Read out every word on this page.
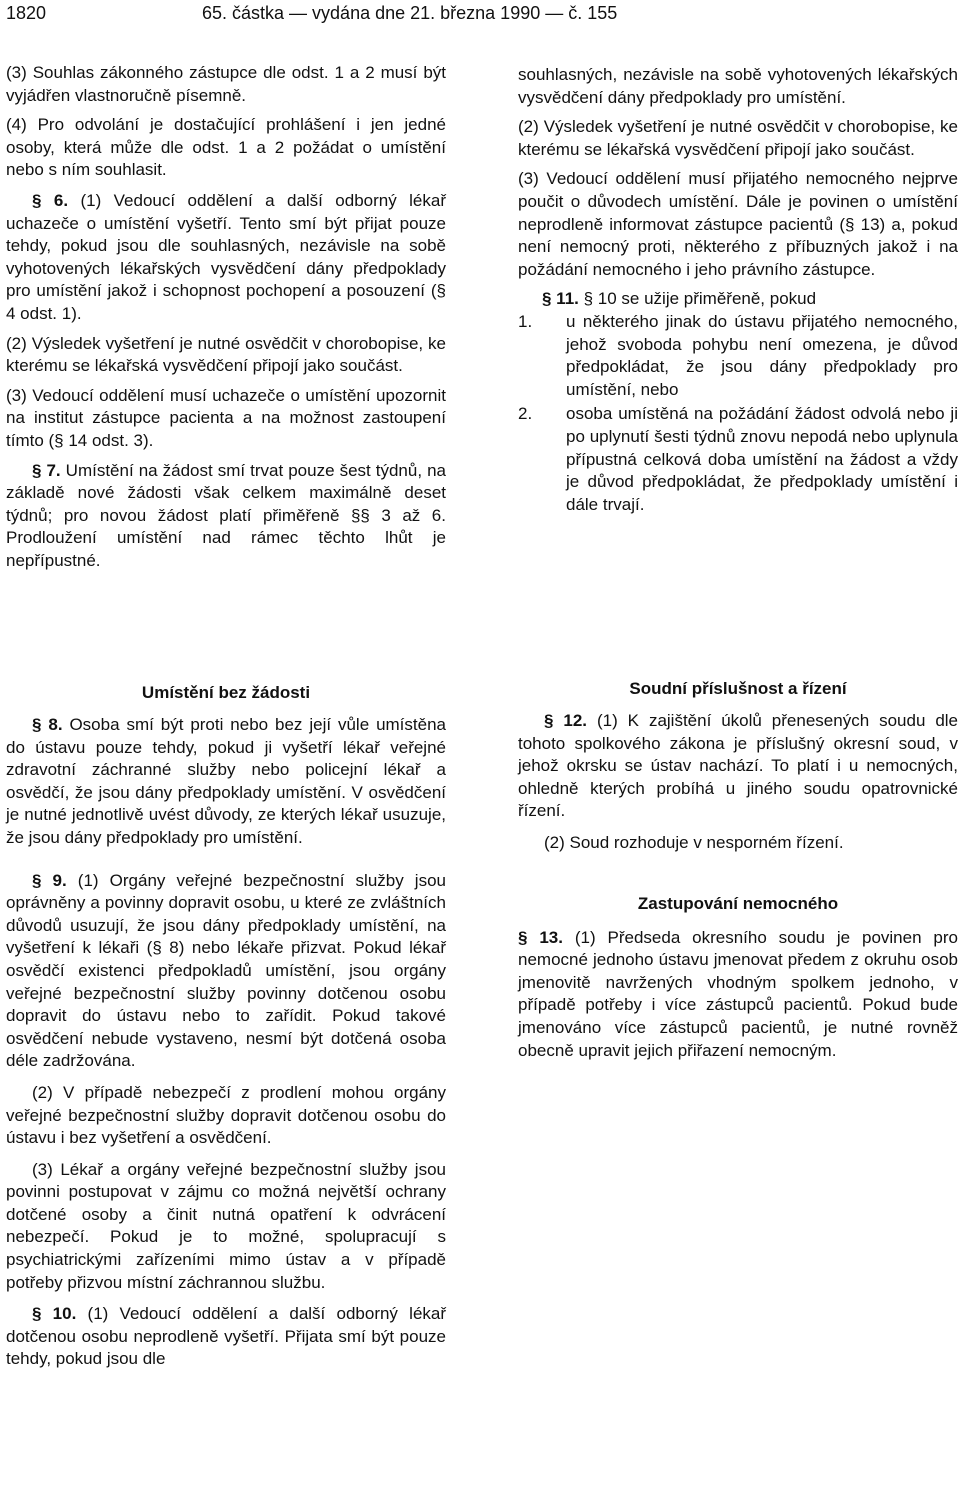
1820	65. částka — vydána dne 21. března 1990 — č. 155

(3) Souhlas zákonného zástupce dle odst. 1 a 2 musí být vyjádřen vlastnoručně písemně.

(4) Pro odvolání je dostačující prohlášení i jen jedné osoby, která může dle odst. 1 a 2 požádat o umístění nebo s ním souhlasit.

§ 6. (1) Vedoucí oddělení a další odborný lékař uchazeče o umístění vyšetří. Tento smí být přijat pouze tehdy, pokud jsou dle souhlasných, nezávisle na sobě vyhotovených lékařských vysvědčení dány předpoklady pro umístění jakož i schopnost pochopení a posouzení (§ 4 odst. 1).

(2) Výsledek vyšetření je nutné osvědčit v chorobopise, ke kterému se lékařská vysvědčení připojí jako součást.

(3) Vedoucí oddělení musí uchazeče o umístění upozornit na institut zástupce pacienta a na možnost zastoupení tímto (§ 14 odst. 3).

§ 7. Umístění na žádost smí trvat pouze šest týdnů, na základě nové žádosti však celkem maximálně deset týdnů; pro novou žádost platí přiměřeně §§ 3 až 6. Prodloužení umístění nad rámec těchto lhůt je nepřípustné.

souhlasných, nezávisle na sobě vyhotovených lékařských vysvědčení dány předpoklady pro umístění.

(2) Výsledek vyšetření je nutné osvědčit v chorobopise, ke kterému se lékařská vysvědčení připojí jako součást.

(3) Vedoucí oddělení musí přijatého nemocného nejprve poučit o důvodech umístění. Dále je povinen o umístění neprodleně informovat zástupce pacientů (§ 13) a, pokud není nemocný proti, některého z příbuzných jakož i na požádání nemocného i jeho právního zástupce.

§ 11. § 10 se užije přiměřeně, pokud

1. u některého jinak do ústavu přijatého nemocného, jehož svoboda pohybu není omezena, je důvod předpokládat, že jsou dány předpoklady pro umístění, nebo
2. osoba umístěná na požádání žádost odvolá nebo ji po uplynutí šesti týdnů znovu nepodá nebo uplynula přípustná celková doba umístění na žádost a vždy je důvod předpokládat, že předpoklady umístění i dále trvají.

Umístění bez žádosti

§ 8. Osoba smí být proti nebo bez její vůle umístěna do ústavu pouze tehdy, pokud ji vyšetří lékař veřejné zdravotní záchranné služby nebo policejní lékař a osvědčí, že jsou dány předpoklady umístění. V osvědčení je nutné jednotlivě uvést důvody, ze kterých lékař usuzuje, že jsou dány předpoklady pro umístění.

§ 9. (1) Orgány veřejné bezpečnostní služby jsou oprávněny a povinny dopravit osobu, u které ze zvláštních důvodů usuzují, že jsou dány předpoklady umístění, na vyšetření k lékaři (§ 8) nebo lékaře přizvat. Pokud lékař osvědčí existenci předpokladů umístění, jsou orgány veřejné bezpečnostní služby povinny dotčenou osobu dopravit do ústavu nebo to zařídit. Pokud takové osvědčení nebude vystaveno, nesmí být dotčená osoba déle zadržována.

(2) V případě nebezpečí z prodlení mohou orgány veřejné bezpečnostní služby dopravit dotčenou osobu do ústavu i bez vyšetření a osvědčení.

(3) Lékař a orgány veřejné bezpečnostní služby jsou povinni postupovat v zájmu co možná největší ochrany dotčené osoby a činit nutná opatření k odvrácení nebezpečí. Pokud je to možné, spolupracují s psychiatrickými zařízeními mimo ústav a v případě potřeby přizvou místní záchrannou službu.

§ 10. (1) Vedoucí oddělení a další odborný lékař dotčenou osobu neprodleně vyšetří. Přijata smí být pouze tehdy, pokud jsou dle

Soudní příslušnost a řízení

§ 12. (1) K zajištění úkolů přenesených soudu dle tohoto spolkového zákona je příslušný okresní soud, v jehož okrsku se ústav nachází. To platí i u nemocných, ohledně kterých probíhá u jiného soudu opatrovnické řízení.

(2) Soud rozhoduje v nesporném řízení.

Zastupování nemocného

§ 13. (1) Předseda okresního soudu je povinen pro nemocné jednoho ústavu jmenovat předem z okruhu osob jmenovitě navržených vhodným spolkem jednoho, v případě potřeby i více zástupců pacientů. Pokud bude jmenováno více zástupců pacientů, je nutné rovněž obecně upravit jejich přiřazení nemocným.
